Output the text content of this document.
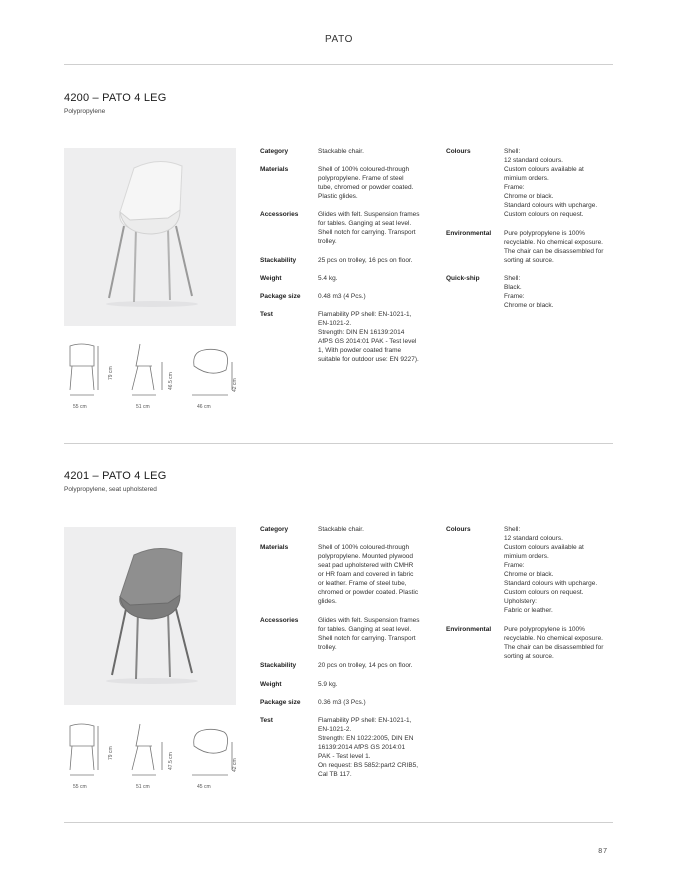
PATO
4200 – PATO 4 LEG
Polypropylene
55 cm	51 cm	46 cm
79 cm	46.5 cm	42 cm
Category	Stackable chair.
Materials	Shell of 100% coloured-through
polypropylene. Frame of steel
tube, chromed or powder coated.
Plastic glides.
Accessories	Glides with felt. Suspension frames
for tables. Ganging at seat level.
Shell notch for carrying. Transport
trolley.
Stackability	25 pcs on trolley, 16 pcs on floor.
Weight	5.4 kg.
Package size	0.48 m3 (4 Pcs.)
Test	Flamability PP shell: EN-1021-1,
EN-1021-2.
Strength: DIN EN 16139:2014
AfPS GS 2014:01 PAK - Test level
1, With powder coated frame
suitable for outdoor use: EN 9227).
Colours	Shell:
12 standard colours.
Custom colours available at
mimium orders.
Frame:
Chrome or black.
Standard colours with upcharge.
Custom colours on request.
Environmental Pure polypropylene is 100%
recyclable. No chemical exposure.
The chair can be disassembled for
sorting at source.
Quick-ship	Shell:
Black.
Frame:
Chrome or black.
4201 – PATO 4 LEG
Polypropylene, seat upholstered
55 cm	51 cm	45 cm
79 cm	47.5 cm	42 cm
Category	Stackable chair.
Materials	Shell of 100% coloured-through
polypropylene. Mounted plywood
seat pad upholstered with CMHR
or HR foam and covered in fabric
or leather. Frame of steel tube,
chromed or powder coated. Plastic
glides.
Accessories	Glides with felt. Suspension frames
for tables. Ganging at seat level.
Shell notch for carrying. Transport
trolley.
Stackability	20 pcs on trolley, 14 pcs on floor.
Weight	5.9 kg.
Package size	0.36 m3 (3 Pcs.)
Test	Flamability PP shell: EN-1021-1,
EN-1021-2.
Strength: EN 1022:2005, DIN EN
16139:2014 AfPS GS 2014:01
PAK - Test level 1.
On request: BS 5852:part2 CRIB5,
Cal TB 117.
Colours	Shell:
12 standard colours.
Custom colours available at
mimium orders.
Frame:
Chrome or black.
Standard colours with upcharge.
Custom colours on request.
Upholstery:
Fabric or leather.
Environmental Pure polypropylene is 100%
recyclable. No chemical exposure.
The chair can be disassembled for
sorting at source.
87
